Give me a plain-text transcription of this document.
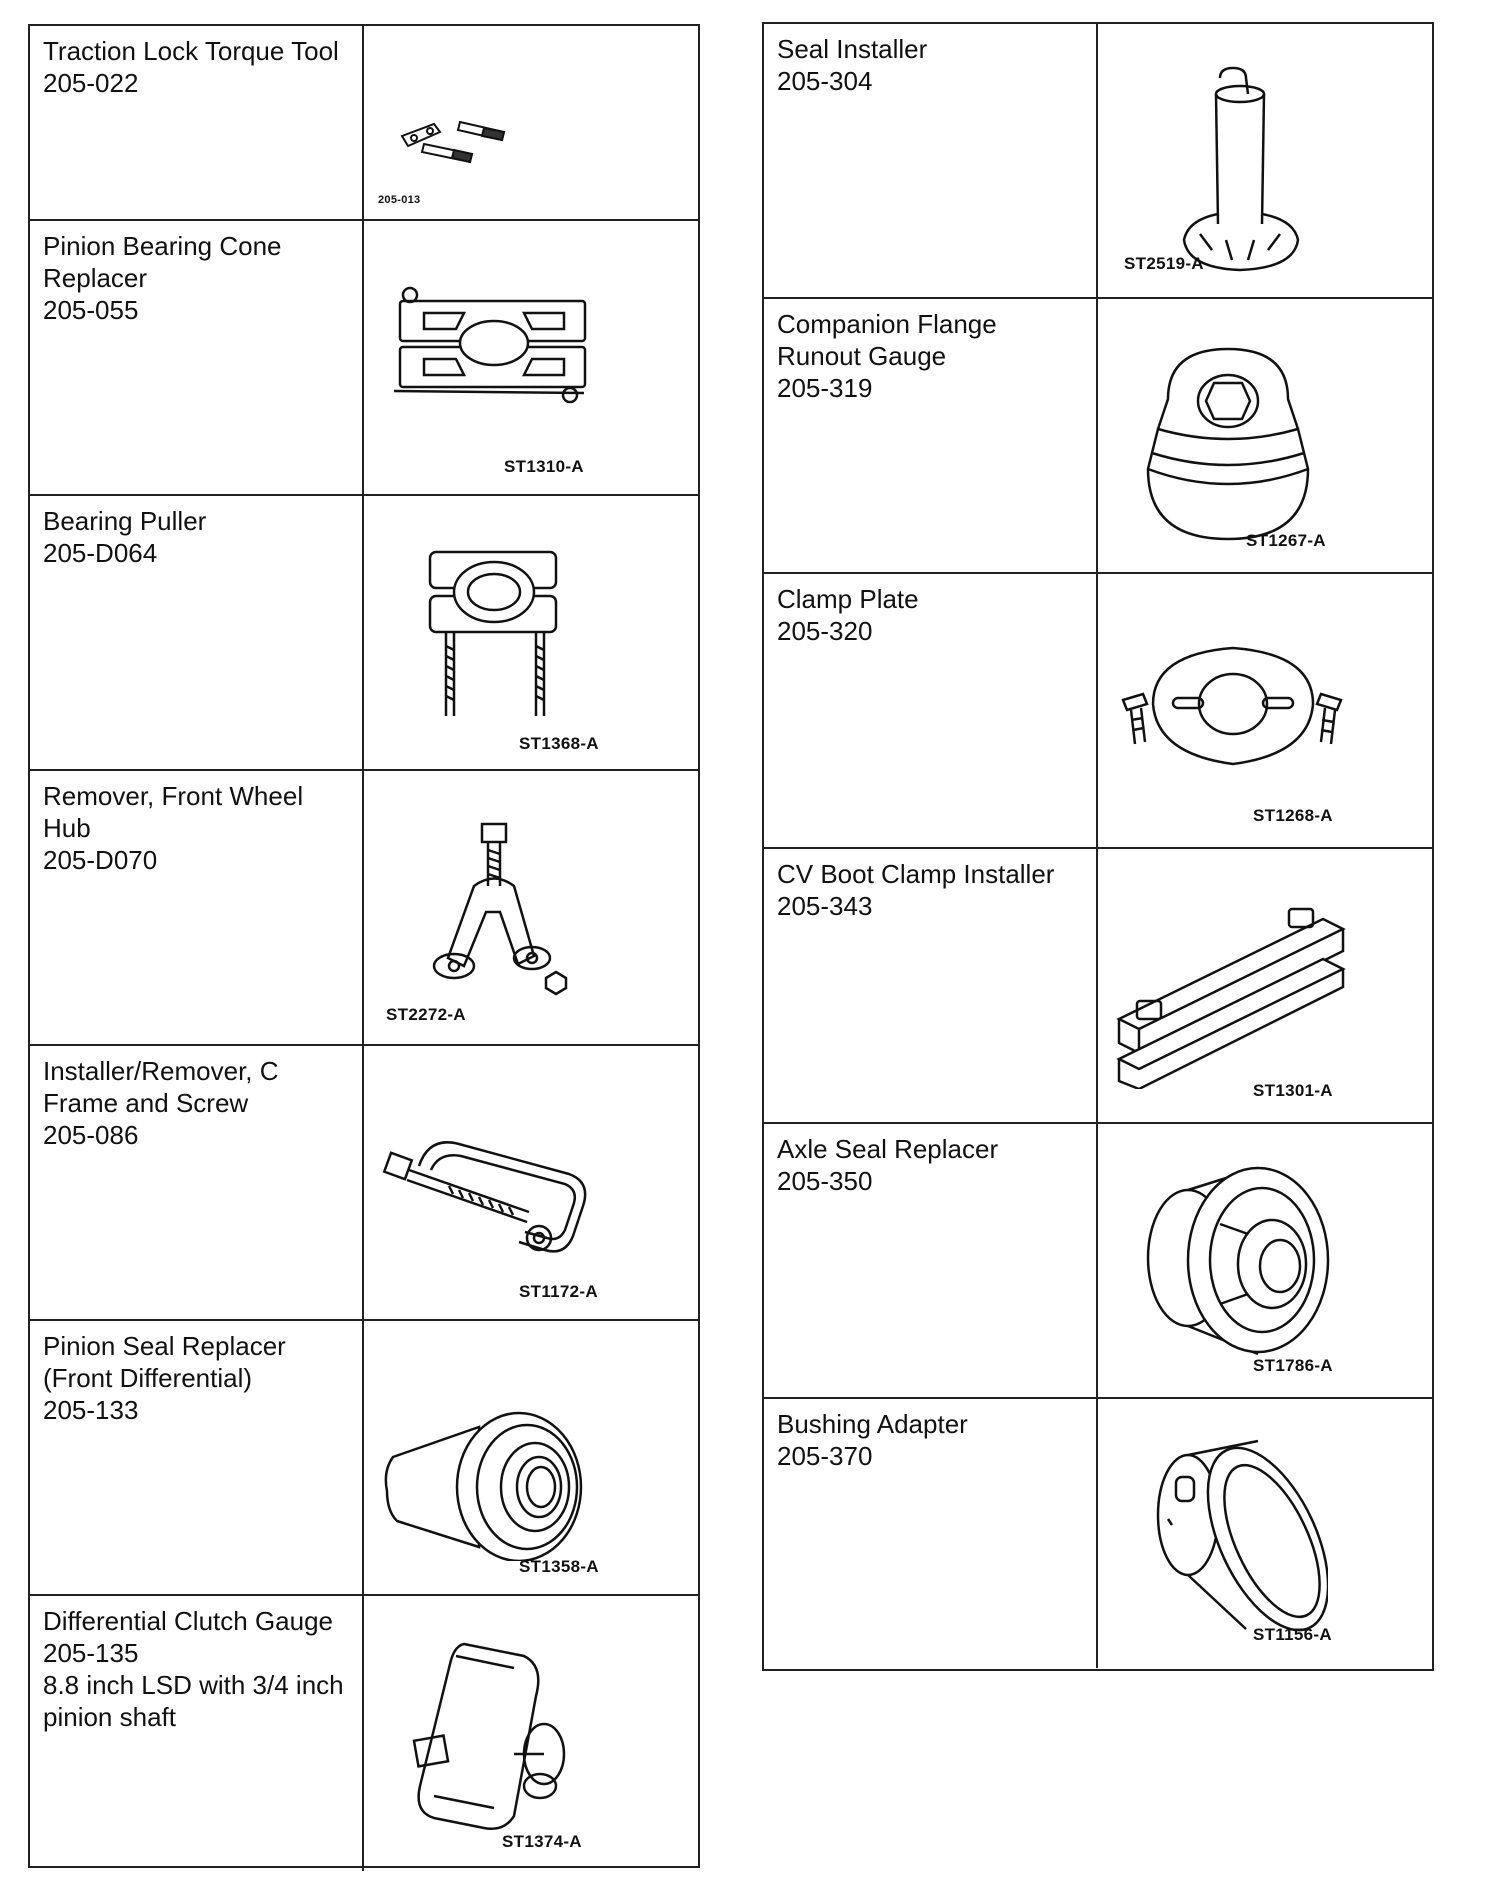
Traction Lock Torque Tool
205-022
205-013
Pinion Bearing Cone Replacer
205-055
ST1310-A
Bearing Puller
205-D064
ST1368-A
Remover, Front Wheel Hub
205-D070
ST2272-A
Installer/Remover, C Frame and Screw
205-086
ST1172-A
Pinion Seal Replacer (Front Differential)
205-133
ST1358-A
Differential Clutch Gauge
205-135
8.8 inch LSD with 3/4 inch pinion shaft
ST1374-A
Seal Installer
205-304
ST2519-A
Companion Flange Runout Gauge
205-319
ST1267-A
Clamp Plate
205-320
ST1268-A
CV Boot Clamp Installer
205-343
ST1301-A
Axle Seal Replacer
205-350
ST1786-A
Bushing Adapter
205-370
ST1156-A
